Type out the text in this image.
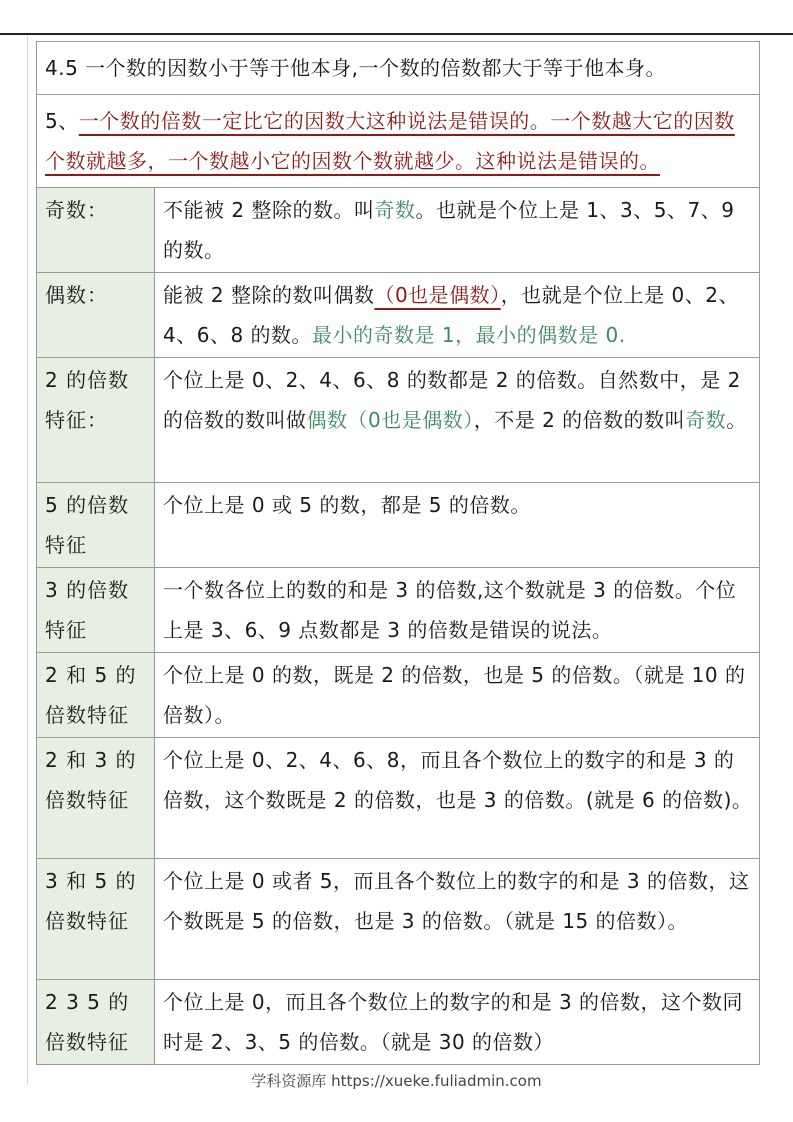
4.5 一个数的因数小于等于他本身,一个数的倍数都大于等于他本身。
5、一个数的倍数一定比它的因数大这种说法是错误的。一个数越大它的因数个数就越多，一个数越小它的因数个数就越少。这种说法是错误的。
奇数：	不能被 2 整除的数。叫奇数。也就是个位上是 1、3、5、7、9的数。
偶数：	能被 2 整除的数叫偶数（0也是偶数），也就是个位上是 0、2、4、6、8 的数。最小的奇数是 1，最小的偶数是 0.
2 的倍数特征：
个位上是 0、2、4、6、8 的数都是 2 的倍数。自然数中，是 2 的倍数的数叫做偶数（0也是偶数），不是 2 的倍数的数叫奇数。
5 的倍数特征
个位上是 0 或 5 的数，都是 5 的倍数。
3 的倍数特征
一个数各位上的数的和是 3 的倍数,这个数就是 3 的倍数。个位上是 3、6、9 点数都是 3 的倍数是错误的说法。
2 和 5 的倍数特征
个位上是 0 的数，既是 2 的倍数，也是 5 的倍数。（就是 10 的倍数）。
2 和 3 的倍数特征
个位上是 0、2、4、6、8，而且各个数位上的数字的和是 3 的倍数，这个数既是 2 的倍数，也是 3 的倍数。(就是 6 的倍数)。
3 和 5 的倍数特征
个位上是 0 或者 5，而且各个数位上的数字的和是 3 的倍数，这个数既是 5 的倍数，也是 3 的倍数。（就是 15 的倍数）。
2 3 5 的倍数特征
个位上是 0，而且各个数位上的数字的和是 3 的倍数，这个数同时是 2、3、5 的倍数。（就是 30 的倍数）
学科资源库 https://xueke.fuliadmin.com
